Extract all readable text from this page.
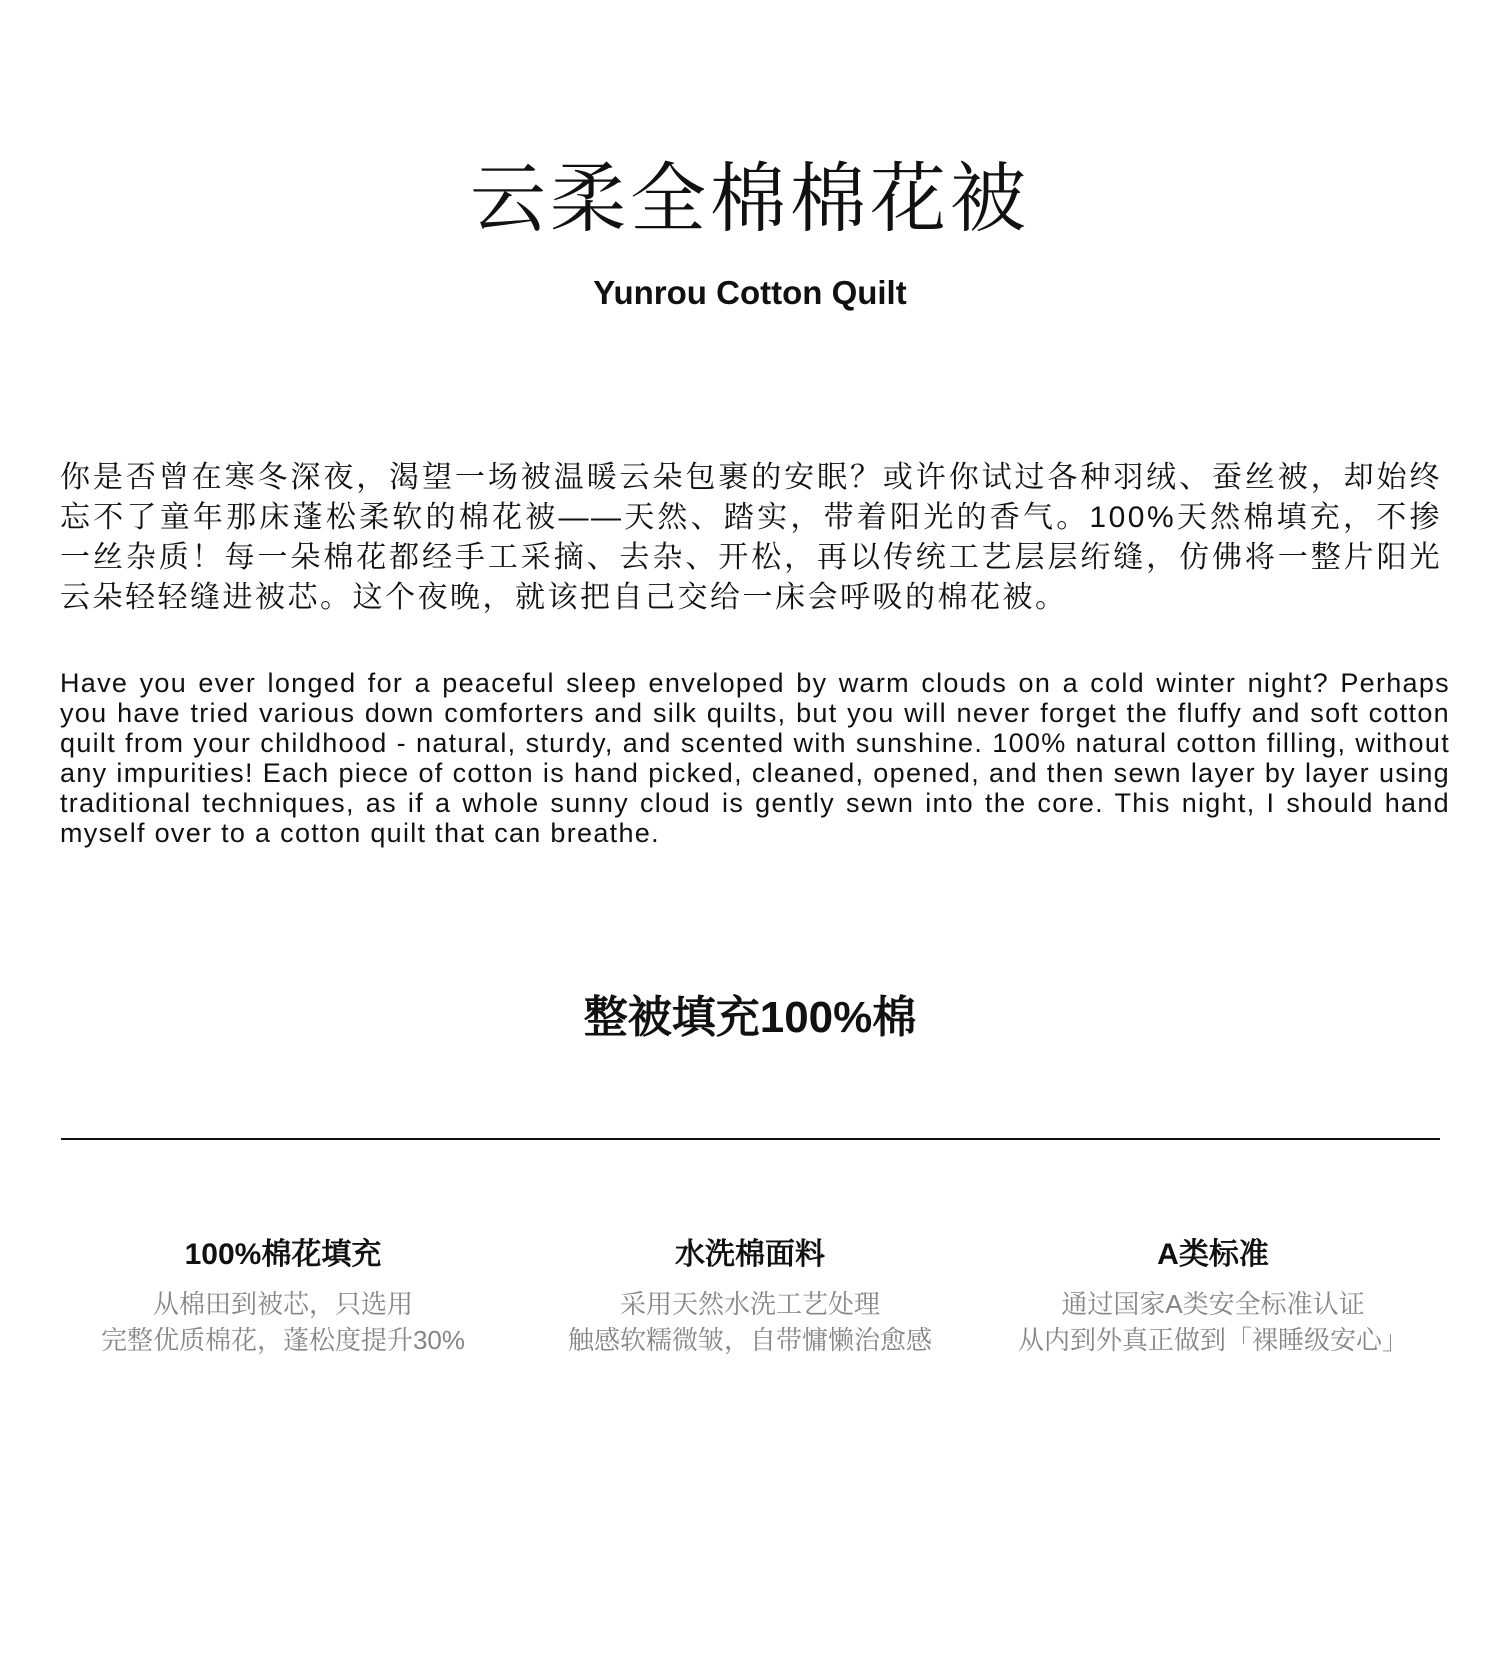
云柔全棉棉花被
Yunrou Cotton Quilt

你是否曾在寒冬深夜，渴望一场被温暖云朵包裹的安眠？或许你试过各种羽绒、蚕丝被，却始终忘不了童年那床蓬松柔软的棉花被——天然、踏实，带着阳光的香气。100%天然棉填充，不掺一丝杂质！每一朵棉花都经手工采摘、去杂、开松，再以传统工艺层层绗缝，仿佛将一整片阳光云朵轻轻缝进被芯。这个夜晚，就该把自己交给一床会呼吸的棉花被。

Have you ever longed for a peaceful sleep enveloped by warm clouds on a cold winter night? Perhaps you have tried various down comforters and silk quilts, but you will never forget the fluffy and soft cotton quilt from your childhood - natural, sturdy, and scented with sunshine. 100% natural cotton filling, without any impurities! Each piece of cotton is hand picked, cleaned, opened, and then sewn layer by layer using traditional techniques, as if a whole sunny cloud is gently sewn into the core. This night, I should hand myself over to a cotton quilt that can breathe.

整被填充100%棉

100%棉花填充

从棉田到被芯，只选用

完整优质棉花，蓬松度提升30%

水洗棉面料

采用天然水洗工艺处理

触感软糯微皱，自带慵懒治愈感

A类标准

通过国家A类安全标准认证

从内到外真正做到「裸睡级安心」
